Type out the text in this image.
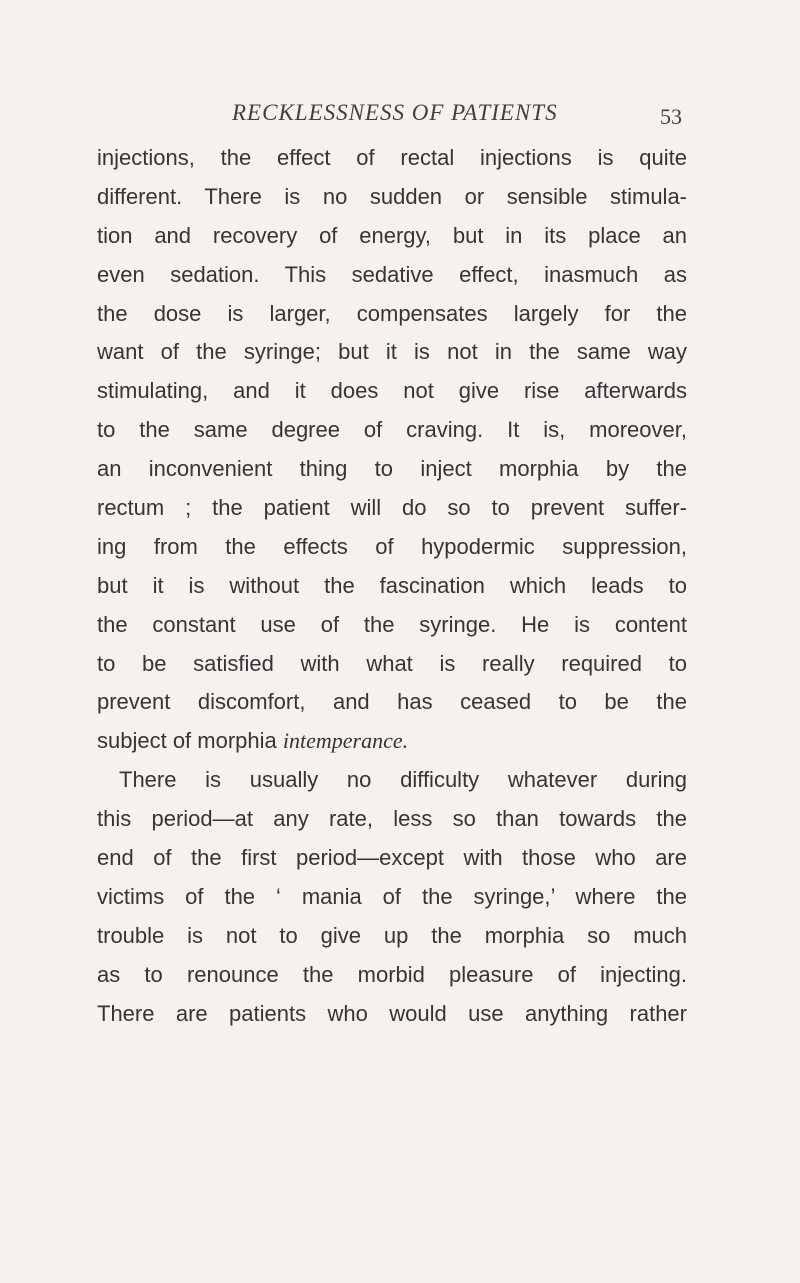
RECKLESSNESS OF PATIENTS	53
injections, the effect of rectal injections is quite
different. There is no sudden or sensible stimula-
tion and recovery of energy, but in its place an
even sedation. This sedative effect, inasmuch as
the dose is larger, compensates largely for the
want of the syringe; but it is not in the same way
stimulating, and it does not give rise afterwards
to the same degree of craving. It is, moreover,
an inconvenient thing to inject morphia by the
rectum ; the patient will do so to prevent suffer-
ing from the effects of hypodermic suppression,
but it is without the fascination which leads to
the constant use of the syringe. He is content
to be satisfied with what is really required to
prevent discomfort, and has ceased to be the
subject of morphia intemperance.
There is usually no difficulty whatever during
this period—at any rate, less so than towards the
end of the first period—except with those who are
victims of the ‘ mania of the syringe,’ where the
trouble is not to give up the morphia so much
as to renounce the morbid pleasure of injecting.
There are patients who would use anything rather
